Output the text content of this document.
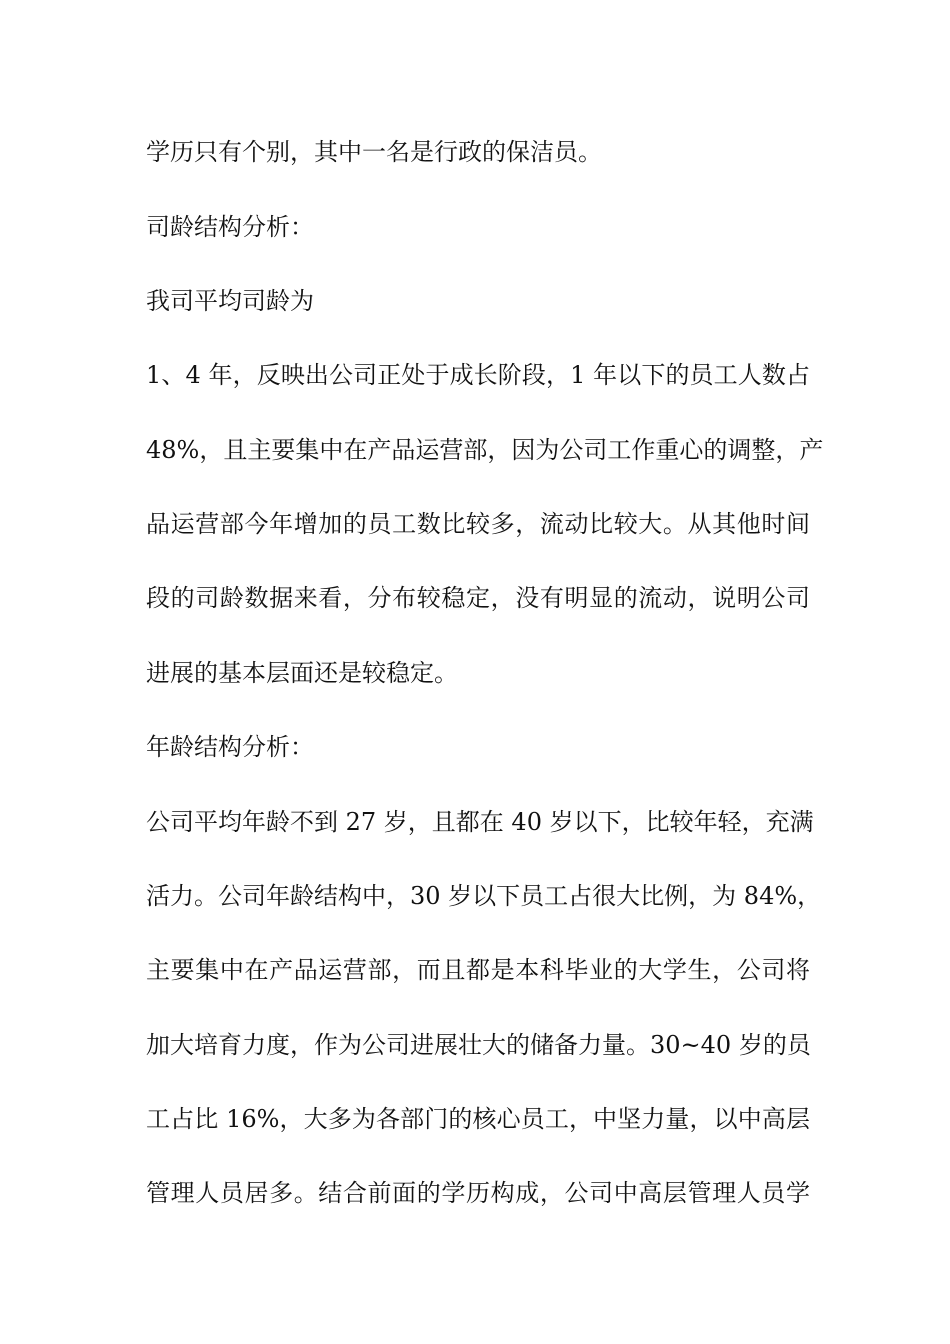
学历只有个别，其中一名是行政的保洁员。
司龄结构分析：
我司平均司龄为
1、4 年，反映出公司正处于成长阶段，1 年以下的员工人数占
48%，且主要集中在产品运营部，因为公司工作重心的调整，产
品运营部今年增加的员工数比较多，流动比较大。从其他时间
段的司龄数据来看，分布较稳定，没有明显的流动，说明公司
进展的基本层面还是较稳定。
年龄结构分析：
公司平均年龄不到 27 岁，且都在 40 岁以下，比较年轻，充满
活力。公司年龄结构中，30 岁以下员工占很大比例，为 84%，
主要集中在产品运营部，而且都是本科毕业的大学生，公司将
加大培育力度，作为公司进展壮大的储备力量。30~40 岁的员
工占比 16%，大多为各部门的核心员工，中坚力量，以中高层
管理人员居多。结合前面的学历构成，公司中高层管理人员学
